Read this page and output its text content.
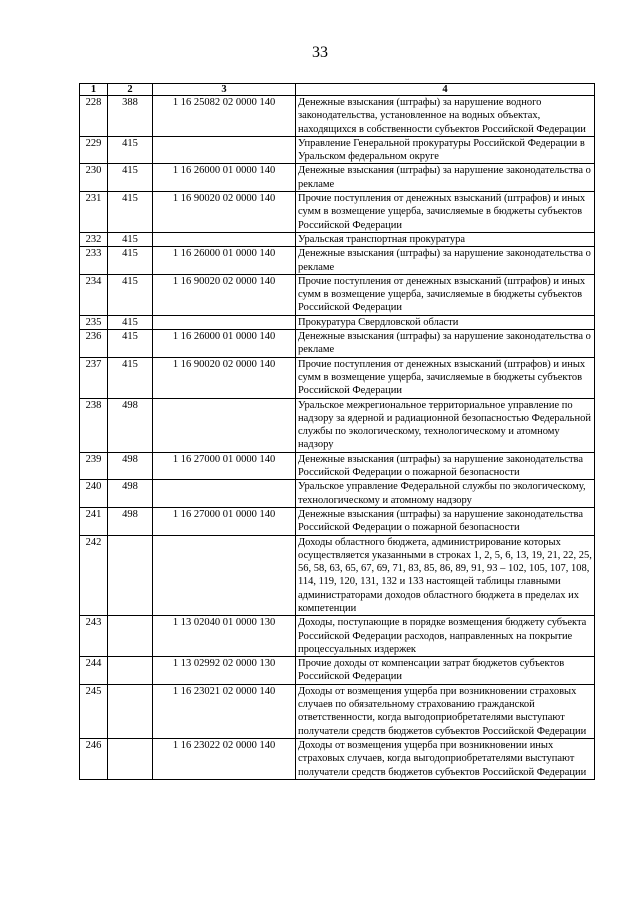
33
1	2	3	4
228	388	1 16 25082 02 0000 140	Денежные взыскания (штрафы) за нарушение водного законодательства, установленное на водных объектах, находящихся в собственности субъектов Российской Федерации
229	415		Управление Генеральной прокуратуры Российской Федерации в Уральском федеральном округе
230	415	1 16 26000 01 0000 140	Денежные взыскания (штрафы) за нарушение законодательства о рекламе
231	415	1 16 90020 02 0000 140	Прочие поступления от денежных взысканий (штрафов) и иных сумм в возмещение ущерба, зачисляемые в бюджеты субъектов Российской Федерации
232	415		Уральская транспортная прокуратура
233	415	1 16 26000 01 0000 140	Денежные взыскания (штрафы) за нарушение законодательства о рекламе
234	415	1 16 90020 02 0000 140	Прочие поступления от денежных взысканий (штрафов) и иных сумм в возмещение ущерба, зачисляемые в бюджеты субъектов Российской Федерации
235	415		Прокуратура Свердловской области
236	415	1 16 26000 01 0000 140	Денежные взыскания (штрафы) за нарушение законодательства о рекламе
237	415	1 16 90020 02 0000 140	Прочие поступления от денежных взысканий (штрафов) и иных сумм в возмещение ущерба, зачисляемые в бюджеты субъектов Российской Федерации
238	498		Уральское межрегиональное территориальное управление по надзору за ядерной и радиационной безопасностью Федеральной службы по экологическому, технологическому и атомному надзору
239	498	1 16 27000 01 0000 140	Денежные взыскания (штрафы) за нарушение законодательства Российской Федерации о пожарной безопасности
240	498		Уральское управление Федеральной службы по экологическому, технологическому и атомному надзору
241	498	1 16 27000 01 0000 140	Денежные взыскания (штрафы) за нарушение законодательства Российской Федерации о пожарной безопасности
242			Доходы областного бюджета, администрирование которых осуществляется указанными в строках 1, 2, 5, 6, 13, 19, 21, 22, 25, 56, 58, 63, 65, 67, 69, 71, 83, 85, 86, 89, 91, 93 – 102, 105, 107, 108, 114, 119, 120, 131, 132 и 133 настоящей таблицы главными администраторами доходов областного бюджета в пределах их компетенции
243		1 13 02040 01 0000 130	Доходы, поступающие в порядке возмещения бюджету субъекта Российской Федерации расходов, направленных на покрытие процессуальных издержек
244		1 13 02992 02 0000 130	Прочие доходы от компенсации затрат бюджетов субъектов Российской Федерации
245		1 16 23021 02 0000 140	Доходы от возмещения ущерба при возникновении страховых случаев по обязательному страхованию гражданской ответственности, когда выгодоприобретателями выступают получатели средств бюджетов субъектов Российской Федерации
246		1 16 23022 02 0000 140	Доходы от возмещения ущерба при возникновении иных страховых случаев, когда выгодоприобретателями выступают получатели средств бюджетов субъектов Российской Федерации
